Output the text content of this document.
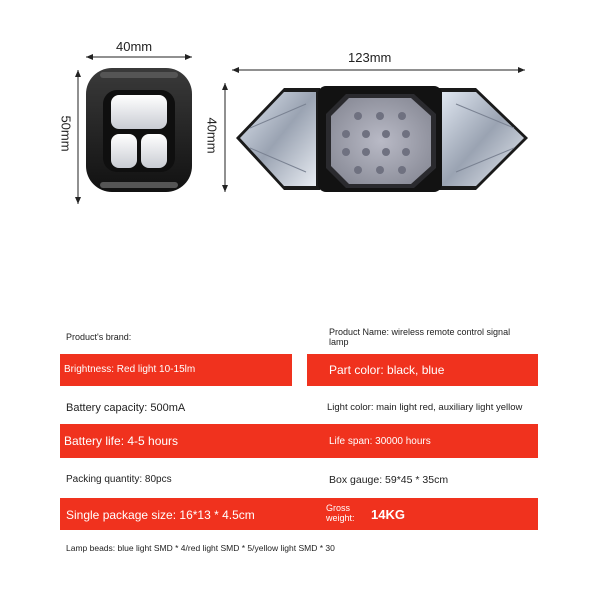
40mm
50mm
123mm
40mm
Product's brand:	Product Name: wireless remote control signal
lamp
Brightness: Red light 10-15lm	Part color: black, blue
Battery capacity: 500mA	Light color: main light red, auxiliary light yellow
Battery life: 4-5 hours	Life span: 30000 hours
Packing quantity: 80pcs	Box gauge: 59*45 * 35cm
Single package size: 16*13 * 4.5cm	Gross
weight: 14KG
Lamp beads: blue light SMD * 4/red light SMD * 5/yellow light SMD * 30
